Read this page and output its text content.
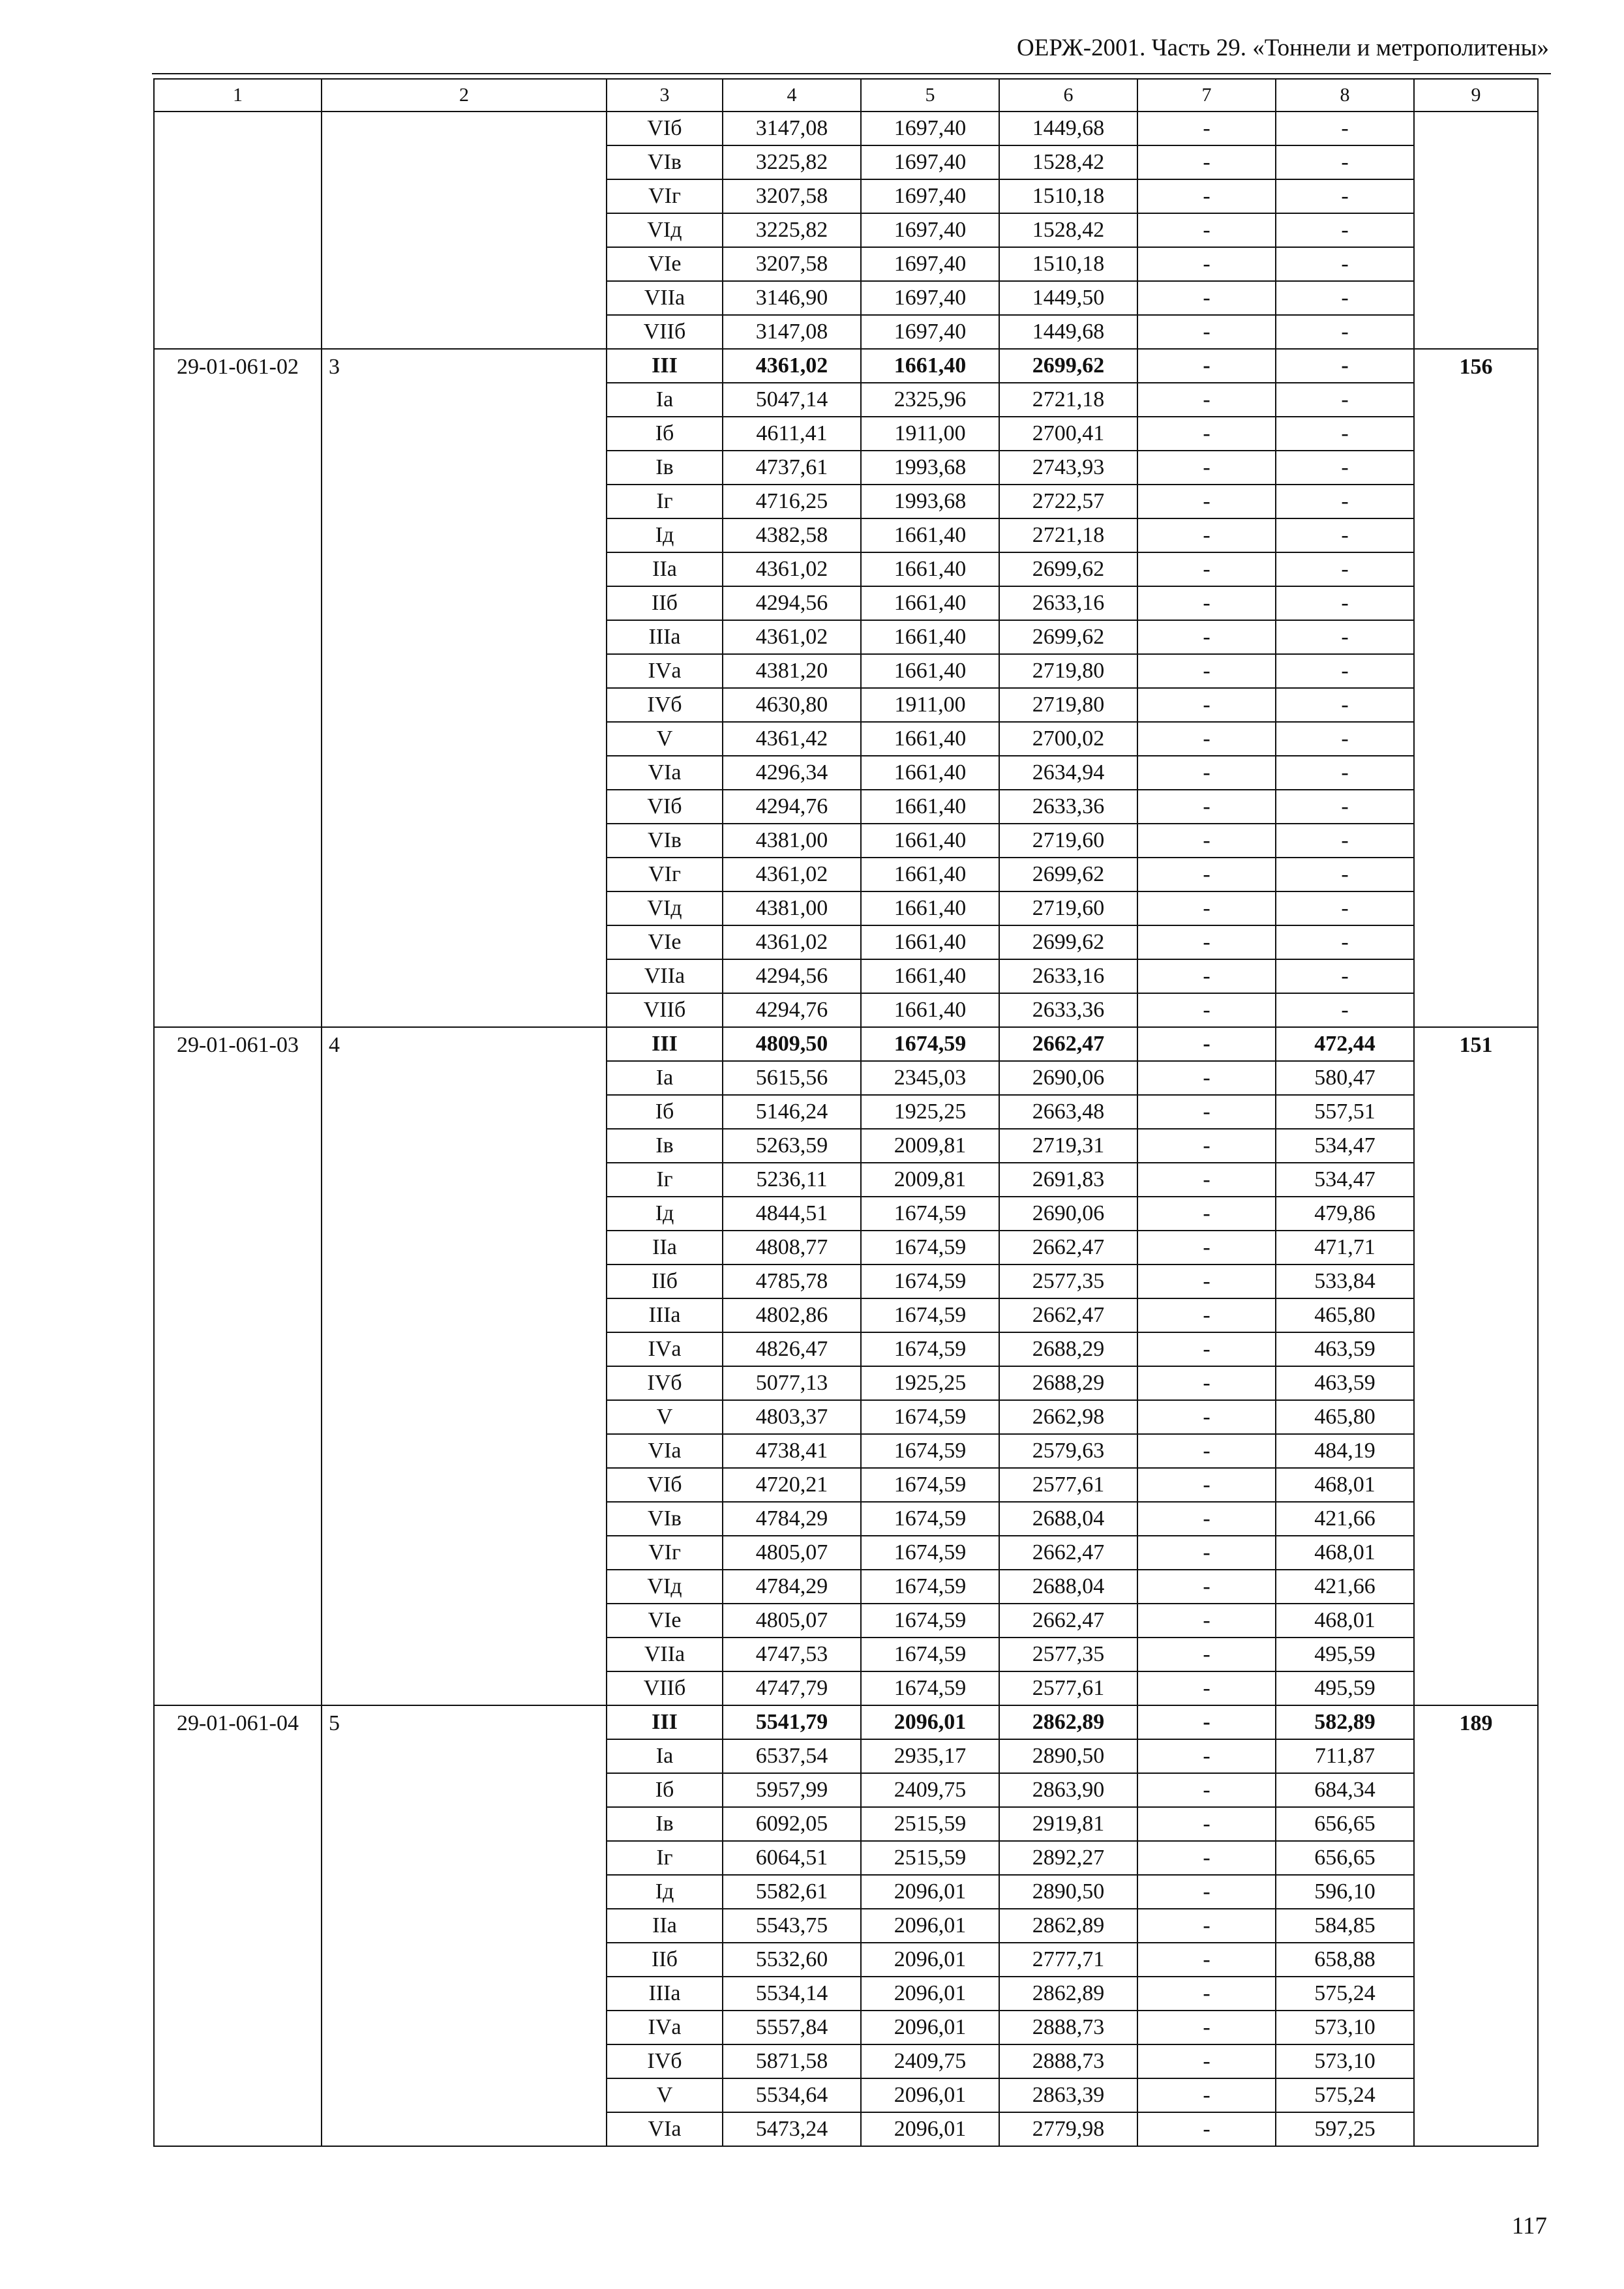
ОЕРЖ-2001. Часть 29. «Тоннели и метрополитены»
1	2	3	4	5	6	7	8	9
		VIб	3147,08	1697,40	1449,68	-	-	
		VIв	3225,82	1697,40	1528,42	-	-	
		VIг	3207,58	1697,40	1510,18	-	-	
		VIд	3225,82	1697,40	1528,42	-	-	
		VIе	3207,58	1697,40	1510,18	-	-	
		VIIа	3146,90	1697,40	1449,50	-	-	
		VIIб	3147,08	1697,40	1449,68	-	-	
29-01-061-02	3	III	4361,02	1661,40	2699,62	-	-	156
		Iа	5047,14	2325,96	2721,18	-	-	
		Iб	4611,41	1911,00	2700,41	-	-	
		Iв	4737,61	1993,68	2743,93	-	-	
		Iг	4716,25	1993,68	2722,57	-	-	
		Iд	4382,58	1661,40	2721,18	-	-	
		IIа	4361,02	1661,40	2699,62	-	-	
		IIб	4294,56	1661,40	2633,16	-	-	
		IIIа	4361,02	1661,40	2699,62	-	-	
		IVа	4381,20	1661,40	2719,80	-	-	
		IVб	4630,80	1911,00	2719,80	-	-	
		V	4361,42	1661,40	2700,02	-	-	
		VIа	4296,34	1661,40	2634,94	-	-	
		VIб	4294,76	1661,40	2633,36	-	-	
		VIв	4381,00	1661,40	2719,60	-	-	
		VIг	4361,02	1661,40	2699,62	-	-	
		VIд	4381,00	1661,40	2719,60	-	-	
		VIе	4361,02	1661,40	2699,62	-	-	
		VIIа	4294,56	1661,40	2633,16	-	-	
		VIIб	4294,76	1661,40	2633,36	-	-	
29-01-061-03	4	III	4809,50	1674,59	2662,47	-	472,44	151
		Iа	5615,56	2345,03	2690,06	-	580,47	
		Iб	5146,24	1925,25	2663,48	-	557,51	
		Iв	5263,59	2009,81	2719,31	-	534,47	
		Iг	5236,11	2009,81	2691,83	-	534,47	
		Iд	4844,51	1674,59	2690,06	-	479,86	
		IIа	4808,77	1674,59	2662,47	-	471,71	
		IIб	4785,78	1674,59	2577,35	-	533,84	
		IIIа	4802,86	1674,59	2662,47	-	465,80	
		IVа	4826,47	1674,59	2688,29	-	463,59	
		IVб	5077,13	1925,25	2688,29	-	463,59	
		V	4803,37	1674,59	2662,98	-	465,80	
		VIа	4738,41	1674,59	2579,63	-	484,19	
		VIб	4720,21	1674,59	2577,61	-	468,01	
		VIв	4784,29	1674,59	2688,04	-	421,66	
		VIг	4805,07	1674,59	2662,47	-	468,01	
		VIд	4784,29	1674,59	2688,04	-	421,66	
		VIе	4805,07	1674,59	2662,47	-	468,01	
		VIIа	4747,53	1674,59	2577,35	-	495,59	
		VIIб	4747,79	1674,59	2577,61	-	495,59	
29-01-061-04	5	III	5541,79	2096,01	2862,89	-	582,89	189
		Iа	6537,54	2935,17	2890,50	-	711,87	
		Iб	5957,99	2409,75	2863,90	-	684,34	
		Iв	6092,05	2515,59	2919,81	-	656,65	
		Iг	6064,51	2515,59	2892,27	-	656,65	
		Iд	5582,61	2096,01	2890,50	-	596,10	
		IIа	5543,75	2096,01	2862,89	-	584,85	
		IIб	5532,60	2096,01	2777,71	-	658,88	
		IIIа	5534,14	2096,01	2862,89	-	575,24	
		IVа	5557,84	2096,01	2888,73	-	573,10	
		IVб	5871,58	2409,75	2888,73	-	573,10	
		V	5534,64	2096,01	2863,39	-	575,24	
		VIа	5473,24	2096,01	2779,98	-	597,25	
117
